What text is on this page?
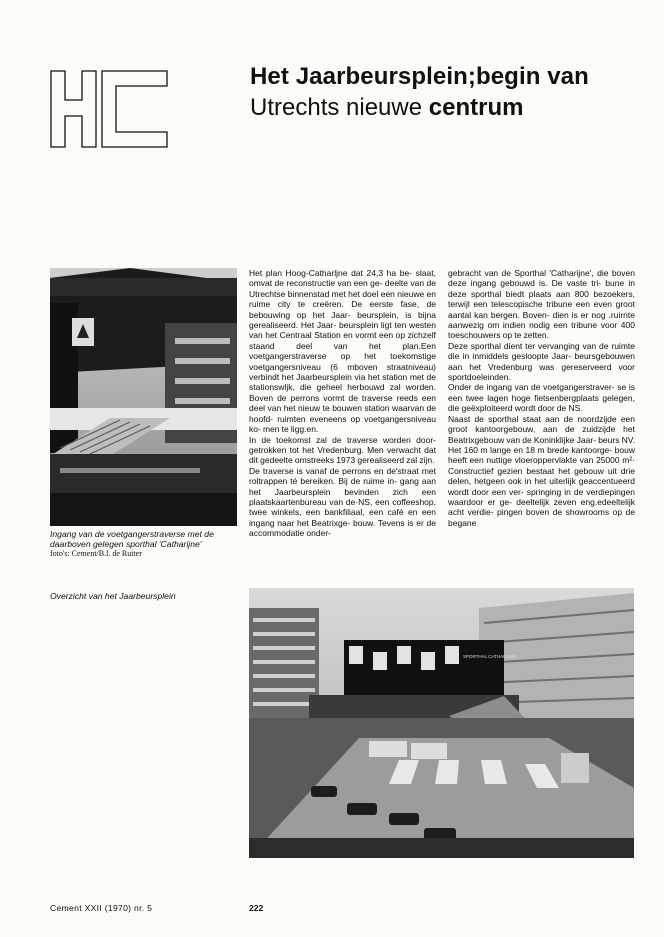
Het Jaarbeursplein;begin van
Utrechts nieuwe centrum
Ingang van de voetgangerstraverse met de daarboven gelegen sporthal 'Catharijne'
foto's: Cement/B.l. de Ruiter

Het plan Hoog-Catharljne dat 24,3 ha be- slaat, omvat de reconstructie van een ge- deelte van de Utrechtse binnenstad met het doel een nieuwe en ruime city te creëren. De eerste fase, de bebouwing op het Jaar- beursplein, is bijna gerealiseerd. Het Jaar- beursplein ligt ten westen van het Centraal Station en vormt een op zichzelf staand deel van het plan.Een voetgangerstraverse op het toekomstige voetgangersniveau (6 mboven straatniveau) verbindt het Jaarbeursplein via het station met de stationswljk, die geheel herbouwd zal worden. Boven de perrons vormt de traverse reeds een deel van het nieuw te bouwen station waarvan de hoofd- ruimten eveneens op voetgangersniveau ko- men te ligg.en.

In de toekomst zal de traverse worden door- getrokken tot het Vredenburg. Men verwacht dat dit gedeelte omstreeks 1973 gerealiseerd zal zijn.

De traverse is vanaf de perrons en de'straat met roltrappen té bereiken. Bij de ruime in- gang aan het Jaarbeursplein bevinden zich een plaatskaartenbureau van de·NS, een coffeeshop, twee winkels, een bankfiliaal, een café en een ingang naar het Beatrixge- bouw. Tevens is er de accommodatie onder-

gebracht van de Sporthal 'Catharijne', die boven deze ingang gebouwd is. De vaste tri- bune in deze sporthal biedt plaats aan 800 bezoekers, terwijl een telescopische tribune een even groot aantal kan bergen. Boven- dien is er nog .ruirnte aanwezig om indien nodig een tribune voor 400 toeschouwers op te zetten.

Deze sporthal dient ter vervanging van de ruimte die in inmiddels gesloopte Jaar- beursgebouwen aan het Vredenburg was gereserveerd voor sportdoeleinden.

Onder de ingang van de voetgangerstraver- se is een twee lagen hoge fietsenbergplaats gelegen, die geëxploiteerd wordt door de NS.

Naast de sporthal staat aan de noordzijde een groot kantoorgebouw, aan de zuidzijde het Beatrixgebouw van de Koninklijke Jaar- beurs NV.

Het 160 m lange en 18 m brede kantoorge- bouw heeft een nuttige vloeroppervlakte van 25000 m²· Constructief gezien bestaat het gebouw uit drie delen, hetgeen ook in het uiterlijk geaccentueerd wordt door een ver- springing in de verdiepingen waardoor er ge- deeltelijk zeven eng.edeeltelijk acht verdie- pingen boven de showrooms op de begane

Overzicht van het Jaarbeursplein
SPORTHAL CATHARIJNE
Cement XXII (1970) nr. 5	222
